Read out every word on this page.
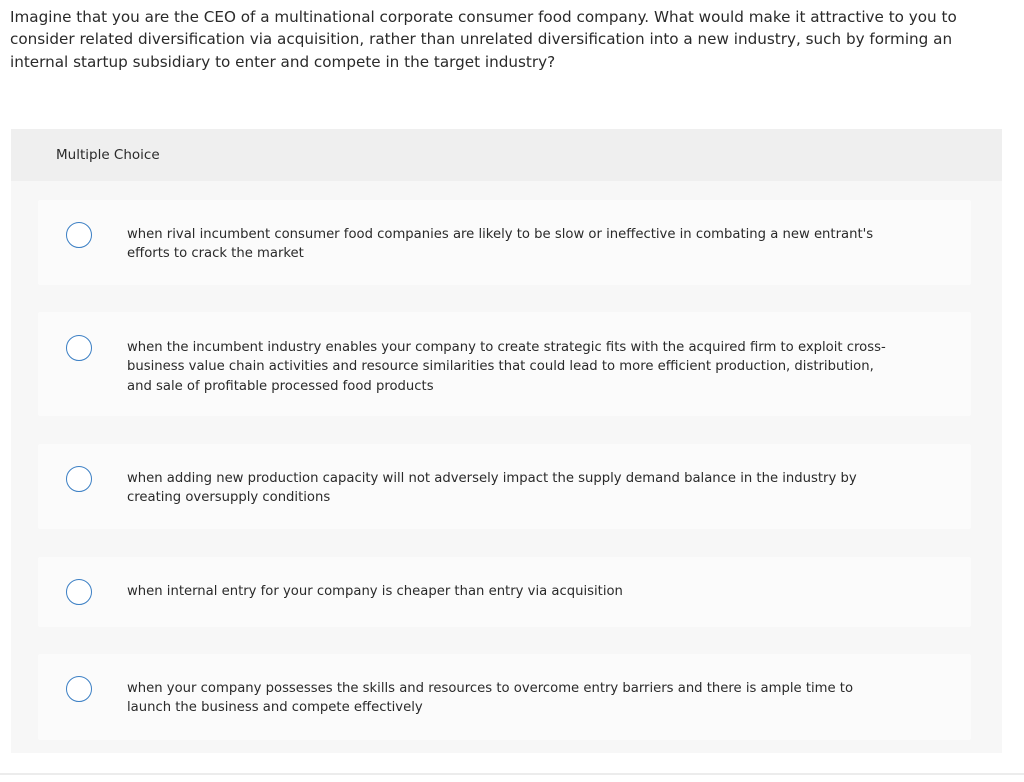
Imagine that you are the CEO of a multinational corporate consumer food company. What would make it attractive to you to consider related diversification via acquisition, rather than unrelated diversification into a new industry, such by forming an internal startup subsidiary to enter and compete in the target industry?
Multiple Choice
when rival incumbent consumer food companies are likely to be slow or ineffective in combating a new entrant's efforts to crack the market
when the incumbent industry enables your company to create strategic fits with the acquired firm to exploit cross-business value chain activities and resource similarities that could lead to more efficient production, distribution, and sale of profitable processed food products
when adding new production capacity will not adversely impact the supply demand balance in the industry by creating oversupply conditions
when internal entry for your company is cheaper than entry via acquisition
when your company possesses the skills and resources to overcome entry barriers and there is ample time to launch the business and compete effectively
